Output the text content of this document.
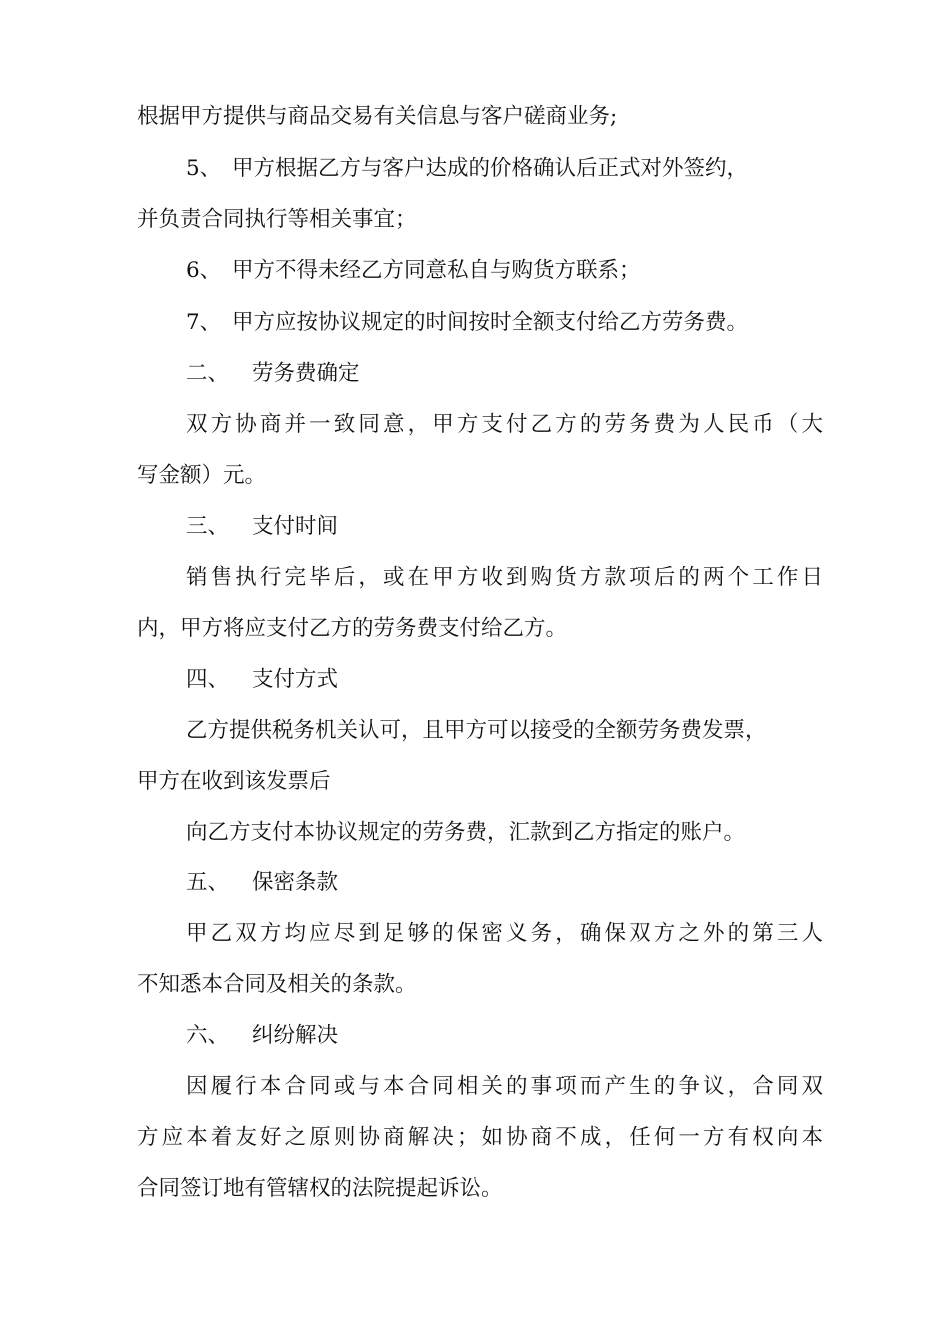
根据甲方提供与商品交易有关信息与客户磋商业务;
5、 甲方根据乙方与客户达成的价格确认后正式对外签约，
并负责合同执行等相关事宜；
6、 甲方不得未经乙方同意私自与购货方联系；
7、 甲方应按协议规定的时间按时全额支付给乙方劳务费。
二、 劳务费确定
双方协商并一致同意，甲方支付乙方的劳务费为人民币（大
写金额）元。
三、 支付时间
销售执行完毕后，或在甲方收到购货方款项后的两个工作日
内，甲方将应支付乙方的劳务费支付给乙方。
四、 支付方式
乙方提供税务机关认可，且甲方可以接受的全额劳务费发票，
甲方在收到该发票后
向乙方支付本协议规定的劳务费，汇款到乙方指定的账户。
五、 保密条款
甲乙双方均应尽到足够的保密义务，确保双方之外的第三人
不知悉本合同及相关的条款。
六、 纠纷解决
因履行本合同或与本合同相关的事项而产生的争议，合同双
方应本着友好之原则协商解决；如协商不成，任何一方有权向本
合同签订地有管辖权的法院提起诉讼。
